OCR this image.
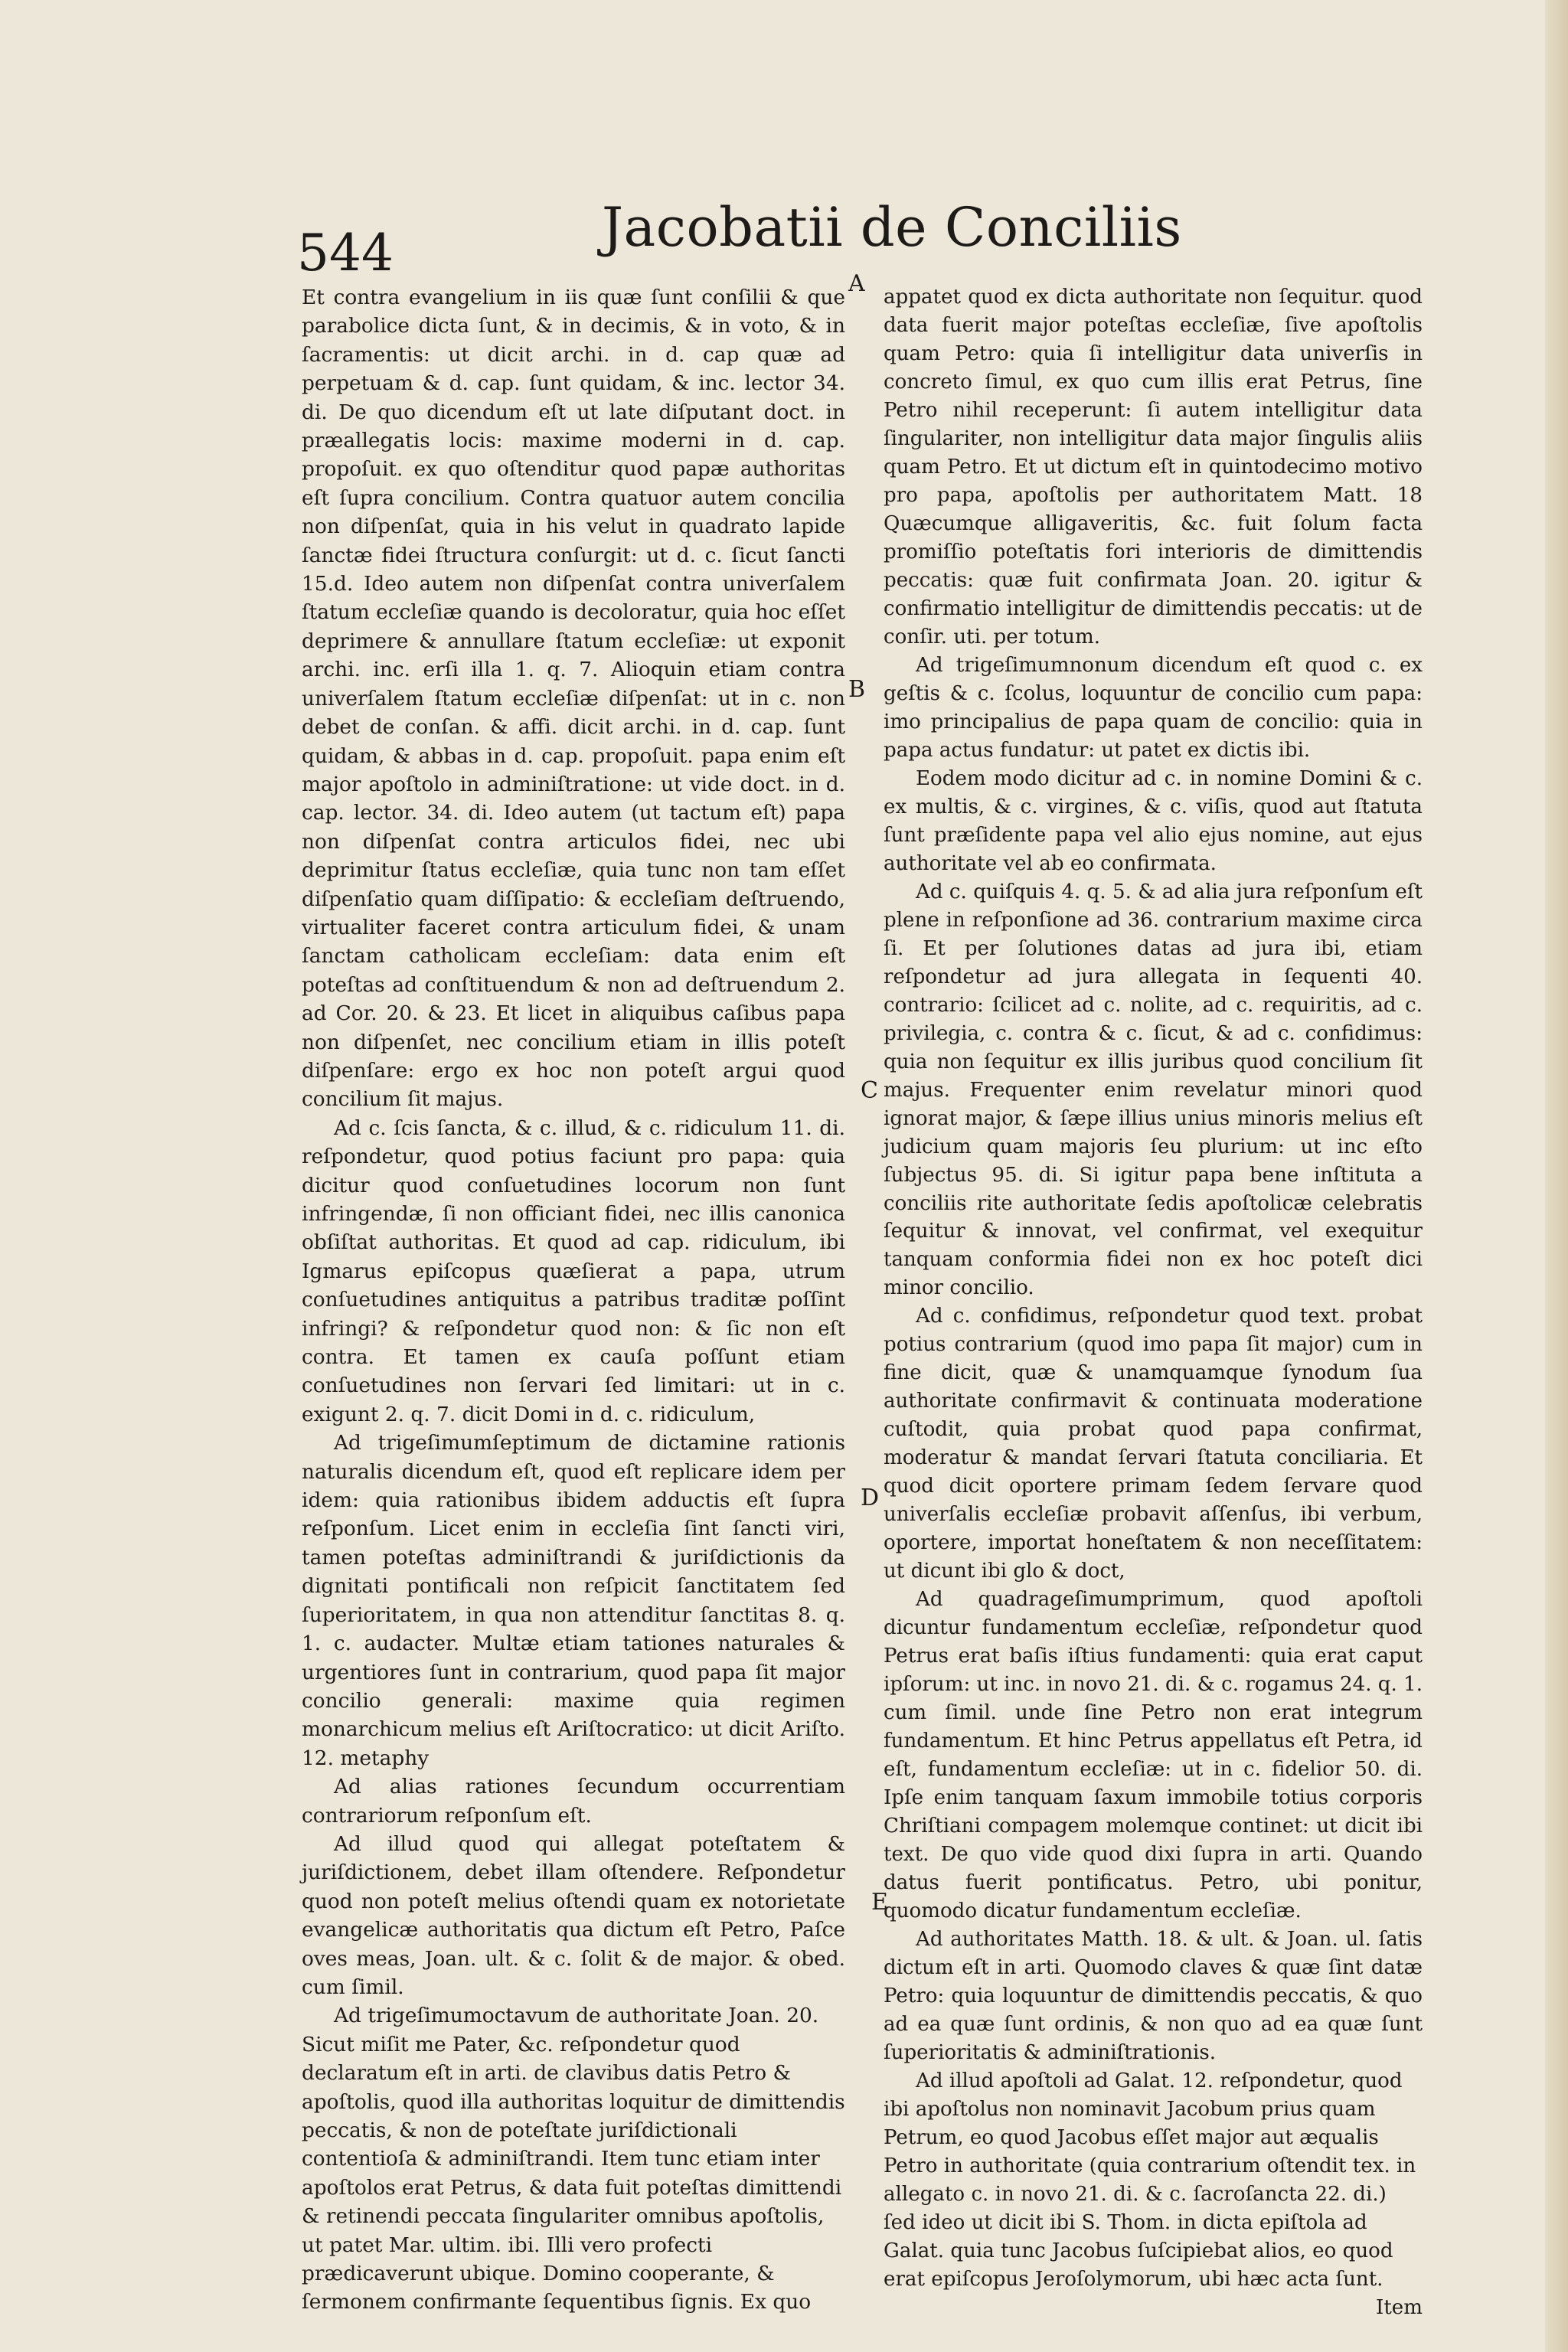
544	Jacobatii de Conciliis
A
B
C
D
E

Et contra evangelium in iis quæ ſunt conſilii & que parabolice dicta ſunt, & in decimis, & in voto, & in ſacramentis: ut dicit archi. in d. cap quæ ad perpetuam & d. cap. ſunt quidam, & inc. lector 34. di. De quo dicendum eſt ut late diſputant doct. in præallegatis locis: maxime moderni in d. cap. propoſuit. ex quo oſtenditur quod papæ authoritas eſt ſupra concilium. Contra quatuor autem concilia non diſpenſat, quia in his velut in quadrato lapide ſanctæ fidei ſtructura conſurgit: ut d. c. ſicut ſancti 15.d. Ideo autem non diſpenſat contra univerſalem ſtatum eccleſiæ quando is decoloratur, quia hoc eſſet deprimere & annullare ſtatum eccleſiæ: ut exponit archi. inc. erſi illa 1. q. 7. Alioquin etiam contra univerſalem ſtatum eccleſiæ diſpenſat: ut in c. non debet de conſan. & affi. dicit archi. in d. cap. ſunt quidam, & abbas in d. cap. propoſuit. papa enim eſt major apoſtolo in adminiſtratione: ut vide doct. in d. cap. lector. 34. di. Ideo autem (ut tactum eſt) papa non diſpenſat contra articulos fidei, nec ubi deprimitur ſtatus eccleſiæ, quia tunc non tam eſſet diſpenſatio quam diſſipatio: & eccleſiam deſtruendo, virtualiter faceret contra articulum fidei, & unam ſanctam catholicam eccleſiam: data enim eſt poteſtas ad conſtituendum & non ad deſtruendum 2. ad Cor. 20. & 23. Et licet in aliquibus caſibus papa non diſpenſet, nec concilium etiam in illis poteſt diſpenſare: ergo ex hoc non poteſt argui quod concilium ſit majus.

Ad c. ſcis ſancta, & c. illud, & c. ridiculum 11. di. reſpondetur, quod potius faciunt pro papa: quia dicitur quod conſuetudines locorum non ſunt infringendæ, ſi non officiant fidei, nec illis canonica obſiſtat authoritas. Et quod ad cap. ridiculum, ibi Igmarus epiſcopus quæſierat a papa, utrum conſuetudines antiquitus a patribus traditæ poſſint infringi? & reſpondetur quod non: & ſic non eſt contra. Et tamen ex cauſa poſſunt etiam conſuetudines non ſervari ſed limitari: ut in c. exigunt 2. q. 7. dicit Domi in d. c. ridiculum,

Ad trigeſimumſeptimum de dictamine rationis naturalis dicendum eſt, quod eſt replicare idem per idem: quia rationibus ibidem adductis eſt ſupra reſponſum. Licet enim in eccleſia ſint ſancti viri, tamen poteſtas adminiſtrandi & juriſdictionis da dignitati pontificali non reſpicit ſanctitatem ſed ſuperioritatem, in qua non attenditur ſanctitas 8. q. 1. c. audacter. Multæ etiam tationes naturales & urgentiores ſunt in contrarium, quod papa ſit major concilio generali: maxime quia regimen monarchicum melius eſt Ariſtocratico: ut dicit Ariſto. 12. metaphy

Ad alias rationes ſecundum occurrentiam contrariorum reſponſum eſt.

Ad illud quod qui allegat poteſtatem & juriſdictionem, debet illam oſtendere. Reſpondetur quod non poteſt melius oſtendi quam ex notorietate evangelicæ authoritatis qua dictum eſt Petro, Paſce oves meas, Joan. ult. & c. ſolit & de major. & obed. cum ſimil.

Ad trigeſimumoctavum de authoritate Joan. 20. Sicut miſit me Pater, &c. reſpondetur quod declaratum eſt in arti. de clavibus datis Petro & apoſtolis, quod illa authoritas loquitur de dimittendis peccatis, & non de poteſtate juriſdictionali contentioſa & adminiſtrandi. Item tunc etiam inter apoſtolos erat Petrus, & data fuit poteſtas dimittendi & retinendi peccata ſingulariter omnibus apoſtolis, ut patet Mar. ultim. ibi. Illi vero profecti prædicaverunt ubique. Domino cooperante, & ſermonem confirmante ſequentibus ſignis. Ex quo

appatet quod ex dicta authoritate non ſequitur. quod data fuerit major poteſtas eccleſiæ, ſive apoſtolis quam Petro: quia ſi intelligitur data univerſis in concreto ſimul, ex quo cum illis erat Petrus, ſine Petro nihil receperunt: ſi autem intelligitur data ſingulariter, non intelligitur data major ſingulis aliis quam Petro. Et ut dictum eſt in quintodecimo motivo pro papa, apoſtolis per authoritatem Matt. 18 Quæcumque alligaveritis, &c. fuit ſolum facta promiſſio poteſtatis fori interioris de dimittendis peccatis: quæ fuit confirmata Joan. 20. igitur & confirmatio intelligitur de dimittendis peccatis: ut de conſir. uti. per totum.

Ad trigeſimumnonum dicendum eſt quod c. ex geſtis & c. ſcolus, loquuntur de concilio cum papa: imo principalius de papa quam de concilio: quia in papa actus fundatur: ut patet ex dictis ibi.

Eodem modo dicitur ad c. in nomine Domini & c. ex multis, & c. virgines, & c. viſis, quod aut ſtatuta ſunt præſidente papa vel alio ejus nomine, aut ejus authoritate vel ab eo confirmata.

Ad c. quiſquis 4. q. 5. & ad alia jura reſponſum eſt plene in reſponſione ad 36. contrarium maxime circa ſi. Et per ſolutiones datas ad jura ibi, etiam reſpondetur ad jura allegata in ſequenti 40. contrario: ſcilicet ad c. nolite, ad c. requiritis, ad c. privilegia, c. contra & c. ſicut, & ad c. confidimus: quia non ſequitur ex illis juribus quod concilium ſit majus. Frequenter enim revelatur minori quod ignorat major, & ſæpe illius unius minoris melius eſt judicium quam majoris ſeu plurium: ut inc eſto ſubjectus 95. di. Si igitur papa bene inſtituta a conciliis rite authoritate ſedis apoſtolicæ celebratis ſequitur & innovat, vel confirmat, vel exequitur tanquam conformia fidei non ex hoc poteſt dici minor concilio.

Ad c. confidimus, reſpondetur quod text. probat potius contrarium (quod imo papa ſit major) cum in fine dicit, quæ & unamquamque ſynodum ſua authoritate confirmavit & continuata moderatione cuſtodit, quia probat quod papa confirmat, moderatur & mandat ſervari ſtatuta conciliaria. Et quod dicit oportere primam ſedem ſervare quod univerſalis eccleſiæ probavit aſſenſus, ibi verbum, oportere, importat honeſtatem & non neceſſitatem: ut dicunt ibi glo & doct,

Ad quadrageſimumprimum, quod apoſtoli dicuntur fundamentum eccleſiæ, reſpondetur quod Petrus erat baſis iſtius fundamenti: quia erat caput ipſorum: ut inc. in novo 21. di. & c. rogamus 24. q. 1. cum ſimil. unde ſine Petro non erat integrum fundamentum. Et hinc Petrus appellatus eſt Petra, id eſt, fundamentum eccleſiæ: ut in c. fidelior 50. di. Ipſe enim tanquam ſaxum immobile totius corporis Chriſtiani compagem molemque continet: ut dicit ibi text. De quo vide quod dixi ſupra in arti. Quando datus fuerit pontificatus. Petro, ubi ponitur, quomodo dicatur fundamentum eccleſiæ.

Ad authoritates Matth. 18. & ult. & Joan. ul. ſatis dictum eſt in arti. Quomodo claves & quæ ſint datæ Petro: quia loquuntur de dimittendis peccatis, & quo ad ea quæ ſunt ordinis, & non quo ad ea quæ ſunt ſuperioritatis & adminiſtrationis.

Ad illud apoſtoli ad Galat. 12. reſpondetur, quod ibi apoſtolus non nominavit Jacobum prius quam Petrum, eo quod Jacobus eſſet major aut æqualis Petro in authoritate (quia contrarium oſtendit tex. in allegato c. in novo 21. di. & c. ſacroſancta 22. di.) ſed ideo ut dicit ibi S. Thom. in dicta epiſtola ad Galat. quia tunc Jacobus ſuſcipiebat alios, eo quod erat epiſcopus Jeroſolymorum, ubi hæc acta ſunt.

Item
